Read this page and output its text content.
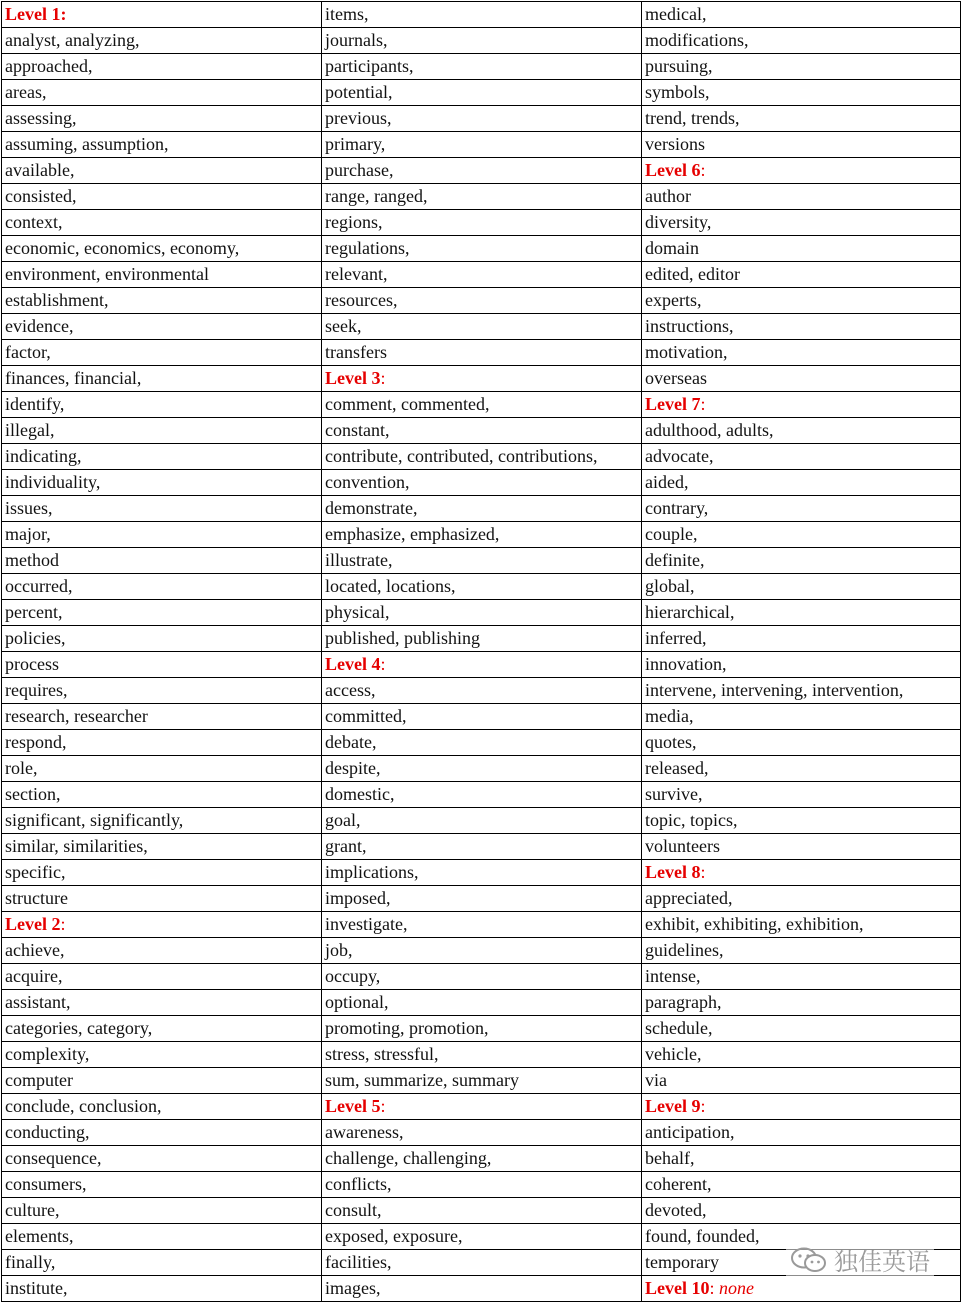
Level 1:	items,	medical,
analyst, analyzing,	journals,	modifications,
approached,	participants,	pursuing,
areas,	potential,	symbols,
assessing,	previous,	trend, trends,
assuming, assumption,	primary,	versions
available,	purchase,	Level 6:
consisted,	range, ranged,	author
context,	regions,	diversity,
economic, economics, economy,	regulations,	domain
environment, environmental	relevant,	edited, editor
establishment,	resources,	experts,
evidence,	seek,	instructions,
factor,	transfers	motivation,
finances, financial,	Level 3:	overseas
identify,	comment, commented,	Level 7:
illegal,	constant,	adulthood, adults,
indicating,	contribute, contributed, contributions,	advocate,
individuality,	convention,	aided,
issues,	demonstrate,	contrary,
major,	emphasize, emphasized,	couple,
method	illustrate,	definite,
occurred,	located, locations,	global,
percent,	physical,	hierarchical,
policies,	published, publishing	inferred,
process	Level 4:	innovation,
requires,	access,	intervene, intervening, intervention,
research, researcher	committed,	media,
respond,	debate,	quotes,
role,	despite,	released,
section,	domestic,	survive,
significant, significantly,	goal,	topic, topics,
similar, similarities,	grant,	volunteers
specific,	implications,	Level 8:
structure	imposed,	appreciated,
Level 2:	investigate,	exhibit, exhibiting, exhibition,
achieve,	job,	guidelines,
acquire,	occupy,	intense,
assistant,	optional,	paragraph,
categories, category,	promoting, promotion,	schedule,
complexity,	stress, stressful,	vehicle,
computer	sum, summarize, summary	via
conclude, conclusion,	Level 5:	Level 9:
conducting,	awareness,	anticipation,
consequence,	challenge, challenging,	behalf,
consumers,	conflicts,	coherent,
culture,	consult,	devoted,
elements,	exposed, exposure,	found, founded,
finally,	facilities,	temporary
institute,	images,	Level 10: none
独佳英语
